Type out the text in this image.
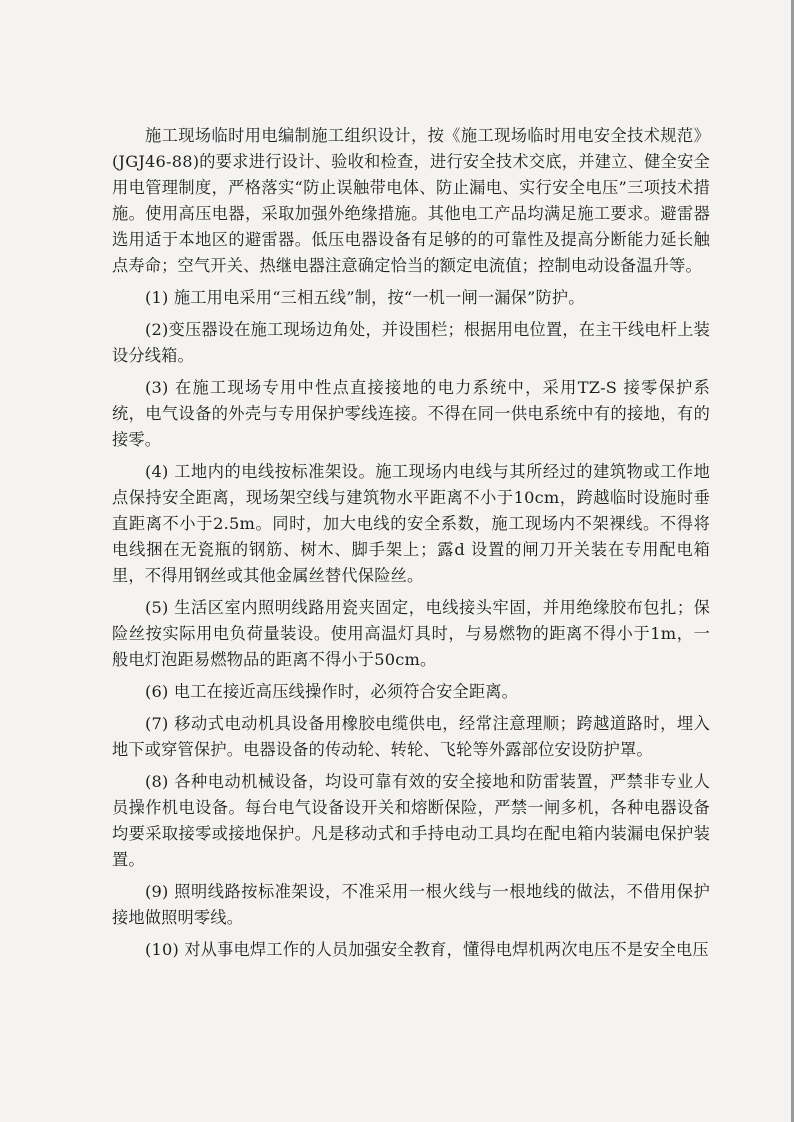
施工现场临时用电编制施工组织设计，按《施工现场临时用电安全技术规范》(JGJ46-88)的要求进行设计、验收和检查，进行安全技术交底，并建立、健全安全用电管理制度，严格落实“防止误触带电体、防止漏电、实行安全电压”三项技术措施。使用高压电器，采取加强外绝缘措施。其他电工产品均满足施工要求。避雷器选用适于本地区的避雷器。低压电器设备有足够的的可靠性及提高分断能力延长触点寿命；空气开关、热继电器注意确定恰当的额定电流值；控制电动设备温升等。

(1) 施工用电采用“三相五线”制，按“一机一闸一漏保”防护。

(2)变压器设在施工现场边角处，并设围栏；根据用电位置，在主干线电杆上装设分线箱。

(3) 在施工现场专用中性点直接接地的电力系统中，采用TZ-S 接零保护系统，电气设备的外壳与专用保护零线连接。不得在同一供电系统中有的接地，有的接零。

(4) 工地内的电线按标准架设。施工现场内电线与其所经过的建筑物或工作地点保持安全距离，现场架空线与建筑物水平距离不小于10cm，跨越临时设施时垂直距离不小于2.5m。同时，加大电线的安全系数，施工现场内不架裸线。不得将电线捆在无瓷瓶的钢筋、树木、脚手架上；露d 设置的闸刀开关装在专用配电箱里，不得用钢丝或其他金属丝替代保险丝。

(5) 生活区室内照明线路用瓷夹固定，电线接头牢固，并用绝缘胶布包扎；保险丝按实际用电负荷量装设。使用高温灯具时，与易燃物的距离不得小于1m，一般电灯泡距易燃物品的距离不得小于50cm。

(6) 电工在接近高压线操作时，必须符合安全距离。

(7) 移动式电动机具设备用橡胶电缆供电，经常注意理顺；跨越道路时，埋入地下或穿管保护。电器设备的传动轮、转轮、飞轮等外露部位安设防护罩。

(8) 各种电动机械设备，均设可靠有效的安全接地和防雷装置，严禁非专业人员操作机电设备。每台电气设备设开关和熔断保险，严禁一闸多机，各种电器设备均要采取接零或接地保护。凡是移动式和手持电动工具均在配电箱内装漏电保护装置。

(9) 照明线路按标准架设，不准采用一根火线与一根地线的做法，不借用保护接地做照明零线。

(10) 对从事电焊工作的人员加强安全教育，懂得电焊机两次电压不是安全电压
